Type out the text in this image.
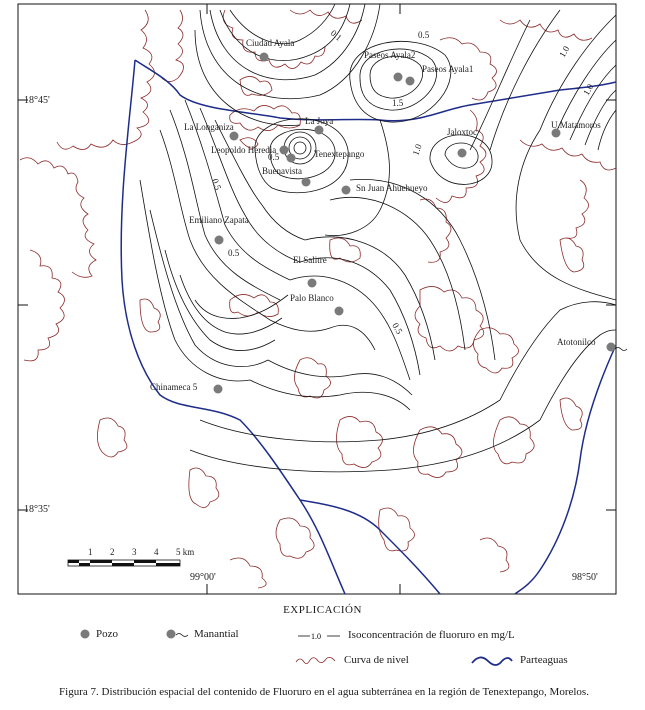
0.1	0.5
1.5
1.0
1.0
0.5
1.0
0.5
0.5
0.5
Ciudad Ayala
Paseos Ayala2
Paseos Ayala1
La Joya
Jaloxtoc
U.Matamoros
La Longaniza
Leopoldo Heredia	Tenextepango
Buenavista
Sn Juan Ahuehueyo
Emiliano Zapata
El Salitre
Palo Blanco
Chinameca 5
Atotonilco
1 2 3 4 5 km
18°45'
18°35'
99°00'	98°50'
EXPLICACIÓN
Pozo	Manantial	1.0 Isoconcentración de fluoruro en mg/L
Curva de nivel	Parteaguas
Figura 7. Distribución espacial del contenido de Fluoruro en el agua subterránea en la región de Tenextepango, Morelos.
